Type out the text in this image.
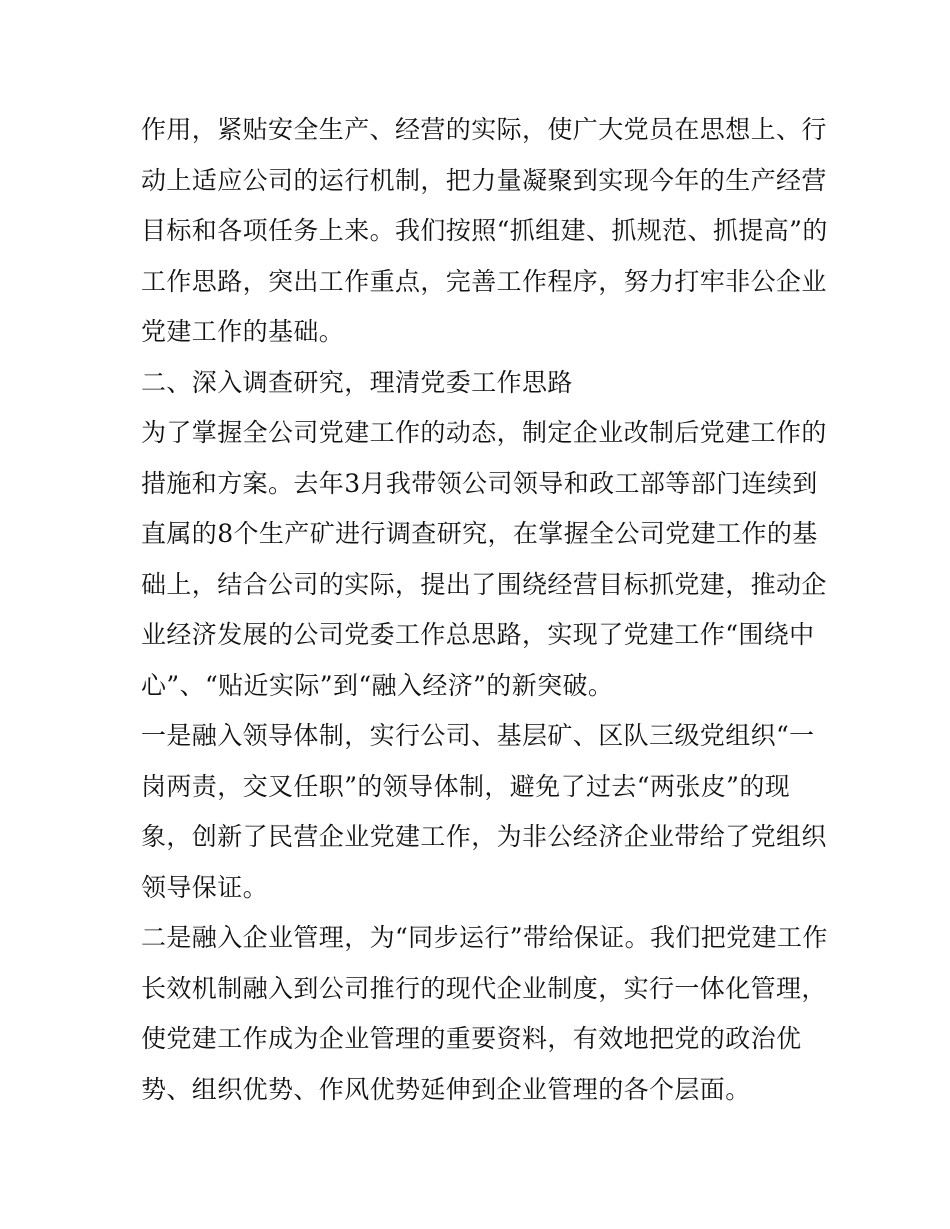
作用，紧贴安全生产、经营的实际，使广大党员在思想上、行
动上适应公司的运行机制，把力量凝聚到实现今年的生产经营
目标和各项任务上来。我们按照“抓组建、抓规范、抓提高”的
工作思路，突出工作重点，完善工作程序，努力打牢非公企业
党建工作的基础。
二、深入调查研究，理清党委工作思路
为了掌握全公司党建工作的动态，制定企业改制后党建工作的
措施和方案。去年3月我带领公司领导和政工部等部门连续到
直属的8个生产矿进行调查研究，在掌握全公司党建工作的基
础上，结合公司的实际，提出了围绕经营目标抓党建，推动企
业经济发展的公司党委工作总思路，实现了党建工作“围绕中
心”、“贴近实际”到“融入经济”的新突破。
一是融入领导体制，实行公司、基层矿、区队三级党组织“一
岗两责，交叉任职”的领导体制，避免了过去“两张皮”的现
象，创新了民营企业党建工作，为非公经济企业带给了党组织
领导保证。
二是融入企业管理，为“同步运行”带给保证。我们把党建工作
长效机制融入到公司推行的现代企业制度，实行一体化管理，
使党建工作成为企业管理的重要资料，有效地把党的政治优
势、组织优势、作风优势延伸到企业管理的各个层面。
